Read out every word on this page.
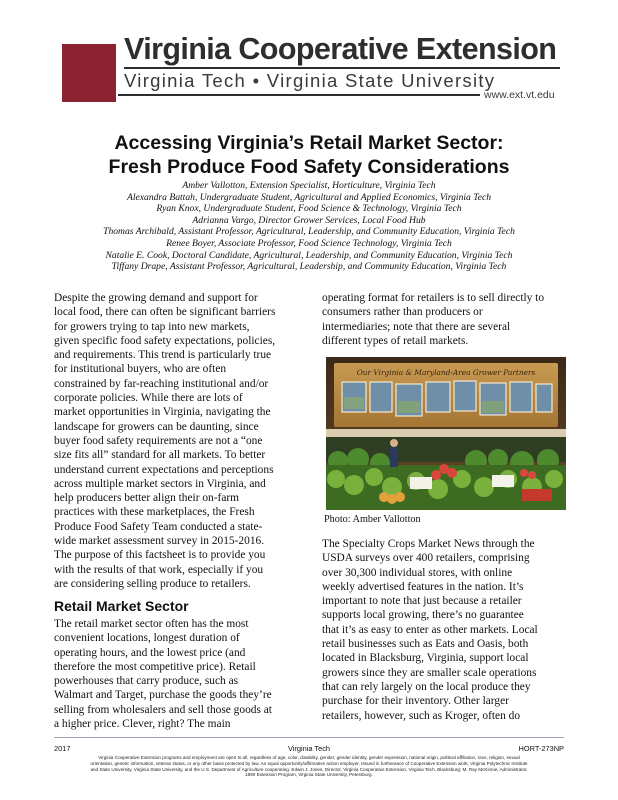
Virginia Cooperative Extension
Virginia Tech • Virginia State University
www.ext.vt.edu
Accessing Virginia’s Retail Market Sector:
Fresh Produce Food Safety Considerations
Amber Vallotton, Extension Specialist, Horticulture, Virginia Tech
Alexandra Battah, Undergraduate Student, Agricultural and Applied Economics, Virginia Tech
Ryan Knox, Undergraduate Student, Food Science & Technology, Virginia Tech
Adrianna Vargo, Director Grower Services, Local Food Hub
Thomas Archibald, Assistant Professor, Agricultural, Leadership, and Community Education, Virginia Tech
Renee Boyer, Associate Professor, Food Science Technology, Virginia Tech
Natalie E. Cook, Doctoral Candidate, Agricultural, Leadership, and Community Education, Virginia Tech
Tiffany Drape, Assistant Professor, Agricultural, Leadership, and Community Education, Virginia Tech

Despite the growing demand and support for

local food, there can often be significant barriers

for growers trying to tap into new markets,

given specific food safety expectations, policies,

and requirements. This trend is particularly true

for institutional buyers, who are often

constrained by far-reaching institutional and/or

corporate policies. While there are lots of

market opportunities in Virginia, navigating the

landscape for growers can be daunting, since

buyer food safety requirements are not a “one

size fits all” standard for all markets. To better

understand current expectations and perceptions

across multiple market sectors in Virginia, and

help producers better align their on-farm

practices with these marketplaces, the Fresh

Produce Food Safety Team conducted a state-

wide market assessment survey in 2015-2016.

The purpose of this factsheet is to provide you

with the results of that work, especially if you

are considering selling produce to retailers.

Retail Market Sector

The retail market sector often has the most

convenient locations, longest duration of

operating hours, and the lowest price (and

therefore the most competitive price). Retail

powerhouses that carry produce, such as

Walmart and Target, purchase the goods they’re

selling from wholesalers and sell those goods at

a higher price. Clever, right? The main

operating format for retailers is to sell directly to

consumers rather than producers or

intermediaries; note that there are several

different types of retail markets.

Our Virginia & Maryland-Area Grower Partners
Photo: Amber Vallotton

The Specialty Crops Market News through the

USDA surveys over 400 retailers, comprising

over 30,300 individual stores, with online

weekly advertised features in the nation. It’s

important to note that just because a retailer

supports local growing, there’s no guarantee

that it’s as easy to enter as other markets. Local

retail businesses such as Eats and Oasis, both

located in Blacksburg, Virginia, support local

growers since they are smaller scale operations

that can rely largely on the local produce they

purchase for their inventory. Other larger

retailers, however, such as Kroger, often do

2017	Virginia Tech	HORT-273NP
Virginia Cooperative Extension programs and employment are open to all, regardless of age, color, disability, gender, gender identity, gender expression, national origin, political affiliation, race, religion, sexual
orientation, genetic information, veteran status, or any other basis protected by law. An equal opportunity/affirmative action employer. Issued in furtherance of Cooperative Extension work, Virginia Polytechnic Institute
and State University, Virginia State University, and the U.S. Department of Agriculture cooperating. Edwin J. Jones, Director, Virginia Cooperative Extension, Virginia Tech, Blacksburg; M. Ray McKinnie, Administrator,
1890 Extension Program, Virginia State University, Petersburg.
